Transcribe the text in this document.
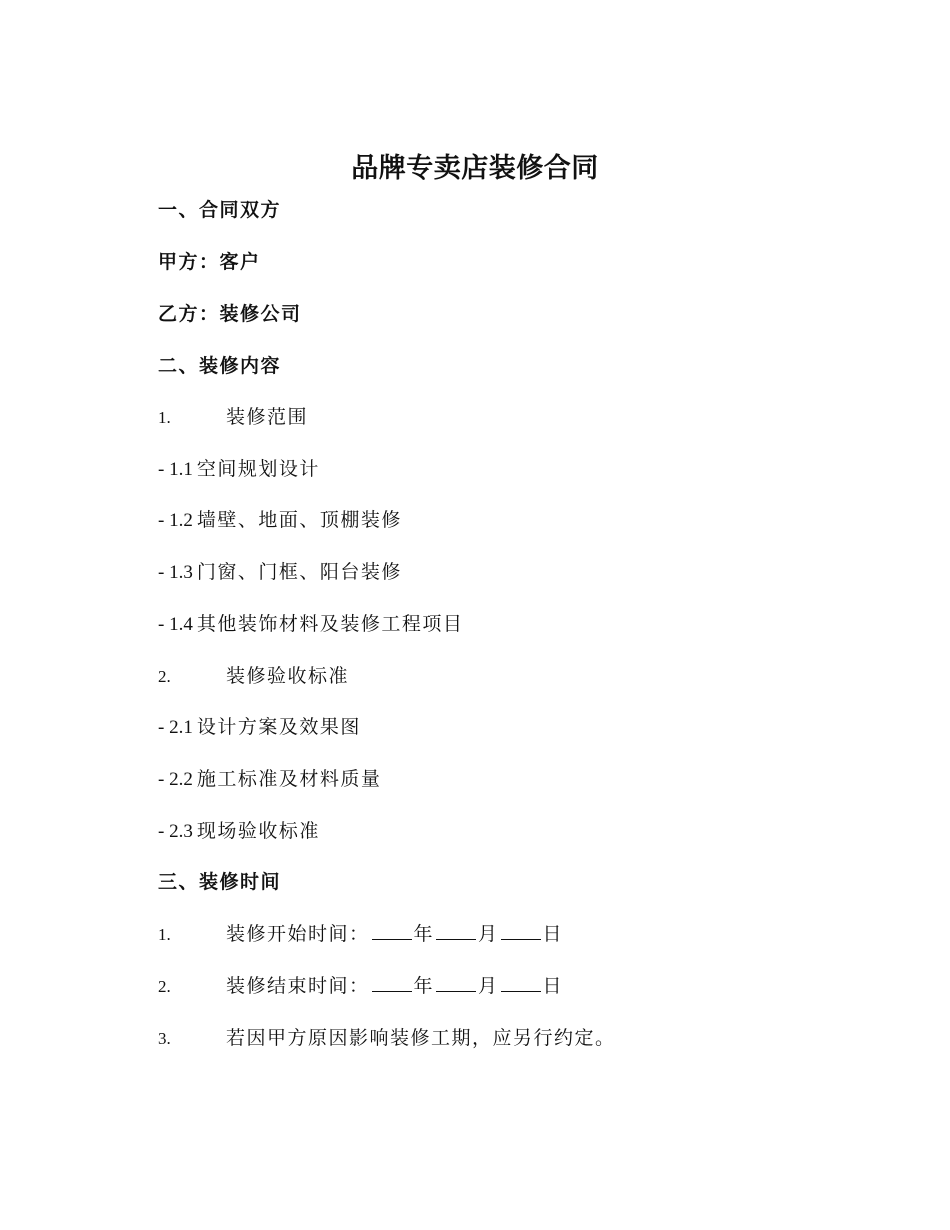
品牌专卖店装修合同
一、合同双方
甲方：客户
乙方：装修公司
二、装修内容
1.	装修范围
- 1.1 空间规划设计
- 1.2 墙壁、地面、顶棚装修
- 1.3 门窗、门框、阳台装修
- 1.4 其他装饰材料及装修工程项目
2.	装修验收标准
- 2.1 设计方案及效果图
- 2.2 施工标准及材料质量
- 2.3 现场验收标准
三、装修时间
1.	装修开始时间： 年 月 日
2.	装修结束时间： 年 月 日
3.	若因甲方原因影响装修工期，应另行约定。
